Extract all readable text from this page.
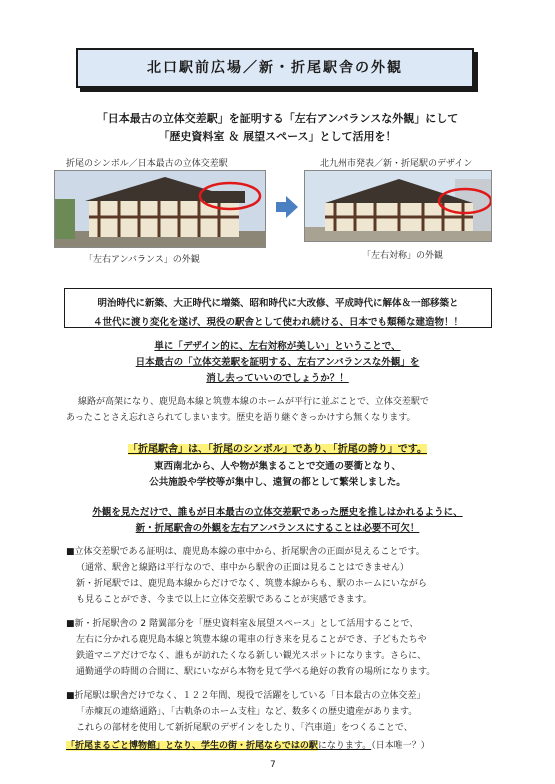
北口駅前広場／新・折尾駅舎の外観
「日本最古の立体交差駅」を証明する「左右アンバランスな外観」にして
「歴史資料室 ＆ 展望スペース」として活用を！
折尾のシンボル／日本最古の立体交差駅	北九州市発表／新・折尾駅のデザイン
「左右アンバランス」の外観	「左右対称」の外観
明治時代に新築、大正時代に増築、昭和時代に大改修、平成時代に解体＆一部移築と
４世代に渡り変化を遂げ、現役の駅舎として使われ続ける、日本でも類稀な建造物！！
単に「デザイン的に、左右対称が美しい」ということで、
日本最古の「立体交差駅を証明する、左右アンバランスな外観」を
消し去っていいのでしょうか？！
線路が高架になり、鹿児島本線と筑豊本線のホームが平行に並ぶことで、立体交差駅で
あったことさえ忘れさられてしまいます。歴史を語り継ぐきっかけすら無くなります。
「折尾駅舎」は、「折尾のシンボル」であり、「折尾の誇り」です。
東西南北から、人や物が集まることで交通の要衝となり、
公共施設や学校等が集中し、遠賀の都として繁栄しました。
外観を見ただけで、誰もが日本最古の立体交差駅であった歴史を推しはかれるように、
新・折尾駅舎の外観を左右アンバランスにすることは必要不可欠！
■立体交差駅である証明は、鹿児島本線の車中から、折尾駅舎の正面が見えることです。
（通常、駅舎と線路は平行なので、車中から駅舎の正面は見ることはできません）
新・折尾駅では、鹿児島本線からだけでなく、筑豊本線からも、駅のホームにいながら
も見ることができ、今まで以上に立体交差駅であることが実感できます。
■新・折尾駅舎の 2 階翼部分を「歴史資料室＆展望スペース」として活用することで、
左右に分かれる鹿児島本線と筑豊本線の電車の行き来を見ることができ、子どもたちや
鉄道マニアだけでなく、誰もが訪れたくなる新しい観光スポットになります。さらに、
通勤通学の時間の合間に、駅にいながら本物を見て学べる絶好の教育の場所になります。
■折尾駅は駅舎だけでなく、１２２年間、現役で活躍をしている「日本最古の立体交差」
「赤煉瓦の連絡通路」、「古軌条のホーム支柱」など、数多くの歴史遺産があります。
これらの部材を使用して新折尾駅のデザインをしたり、「汽車道」をつくることで、
「折尾まるごと博物館」となり、学生の街・折尾ならではの駅になります。（日本唯一？）
7
